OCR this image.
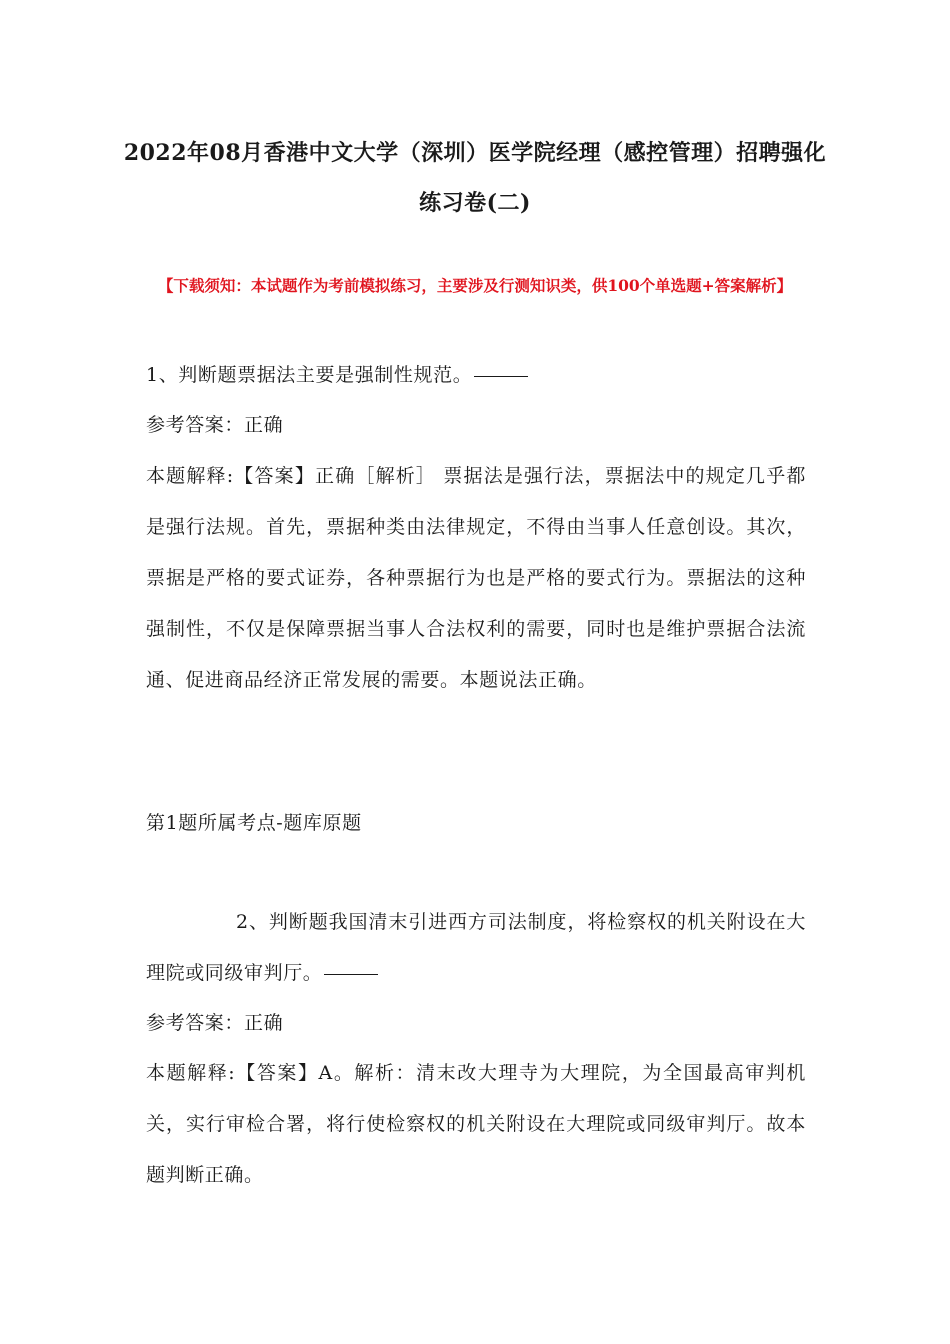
2022年08月香港中文大学（深圳）医学院经理（感控管理）招聘强化练习卷(二)
【下载须知：本试题作为考前模拟练习，主要涉及行测知识类，供100个单选题+答案解析】
1、判断题票据法主要是强制性规范。
参考答案：正确
本题解释:【答案】正确［解析］ 票据法是强行法，票据法中的规定几乎都是强行法规。首先，票据种类由法律规定，不得由当事人任意创设。其次，票据是严格的要式证券，各种票据行为也是严格的要式行为。票据法的这种强制性，不仅是保障票据当事人合法权利的需要，同时也是维护票据合法流通、促进商品经济正常发展的需要。本题说法正确。
第1题所属考点-题库原题
2、判断题我国清末引进西方司法制度，将检察权的机关附设在大理院或同级审判厅。
参考答案：正确
本题解释:【答案】A。解析：清末改大理寺为大理院，为全国最高审判机关，实行审检合署，将行使检察权的机关附设在大理院或同级审判厅。故本题判断正确。
